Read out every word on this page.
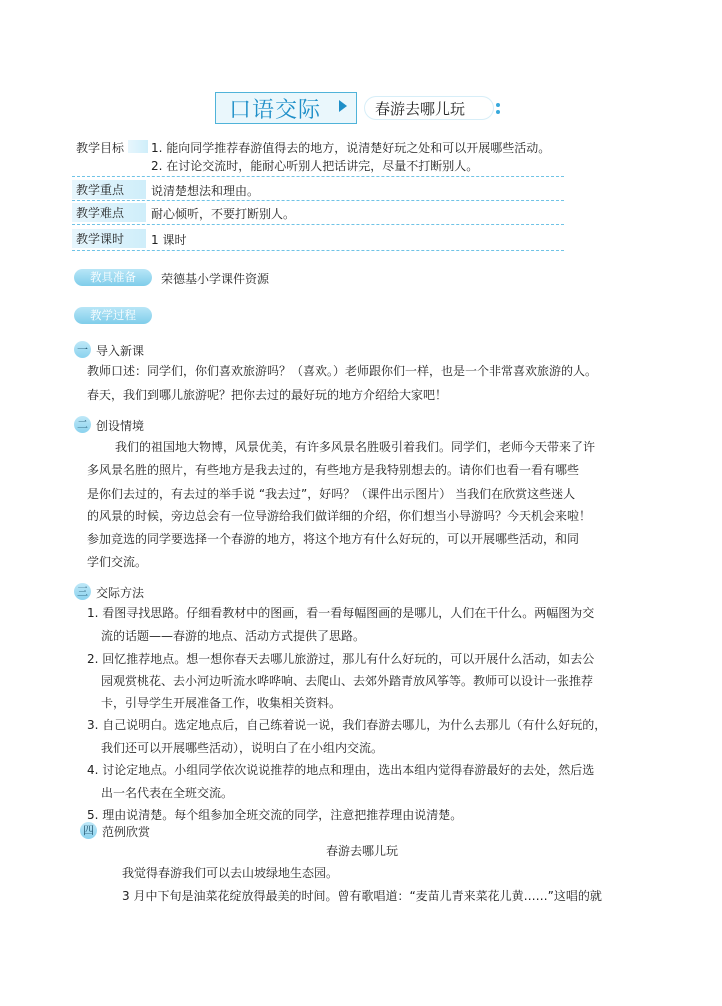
口语交际	春游去哪儿玩
教学目标	1. 能向同学推荐春游值得去的地方，说清楚好玩之处和可以开展哪些活动。
2. 在讨论交流时，能耐心听别人把话讲完，尽量不打断别人。
教学重点	说清楚想法和理由。
教学难点	耐心倾听，不要打断别人。
教学课时	1 课时
教具准备	荣德基小学课件资源
教学过程
一 导入新课
教师口述：同学们，你们喜欢旅游吗？（喜欢。）老师跟你们一样，也是一个非常喜欢旅游的人。
春天，我们到哪儿旅游呢？把你去过的最好玩的地方介绍给大家吧！
二 创设情境
我们的祖国地大物博，风景优美，有许多风景名胜吸引着我们。同学们，老师今天带来了许
多风景名胜的照片，有些地方是我去过的，有些地方是我特别想去的。请你们也看一看有哪些
是你们去过的，有去过的举手说 “我去过”，好吗？（课件出示图片） 当我们在欣赏这些迷人
的风景的时候，旁边总会有一位导游给我们做详细的介绍，你们想当小导游吗？今天机会来啦！
参加竞选的同学要选择一个春游的地方，将这个地方有什么好玩的，可以开展哪些活动，和同
学们交流。
三 交际方法
1. 看图寻找思路。仔细看教材中的图画，看一看每幅图画的是哪儿，人们在干什么。两幅图为交
流的话题——春游的地点、活动方式提供了思路。
2. 回忆推荐地点。想一想你春天去哪儿旅游过，那儿有什么好玩的，可以开展什么活动，如去公
园观赏桃花、去小河边听流水哗哗响、去爬山、去郊外踏青放风筝等。教师可以设计一张推荐
卡，引导学生开展准备工作，收集相关资料。
3. 自己说明白。选定地点后，自己练着说一说，我们春游去哪儿，为什么去那儿（有什么好玩的，
我们还可以开展哪些活动），说明白了在小组内交流。
4. 讨论定地点。小组同学依次说说推荐的地点和理由，选出本组内觉得春游最好的去处，然后选
出一名代表在全班交流。
5. 理由说清楚。每个组参加全班交流的同学，注意把推荐理由说清楚。
四 范例欣赏
春游去哪儿玩
我觉得春游我们可以去山坡绿地生态园。
3 月中下旬是油菜花绽放得最美的时间。曾有歌唱道：“麦苗儿青来菜花儿黄……”这唱的就
